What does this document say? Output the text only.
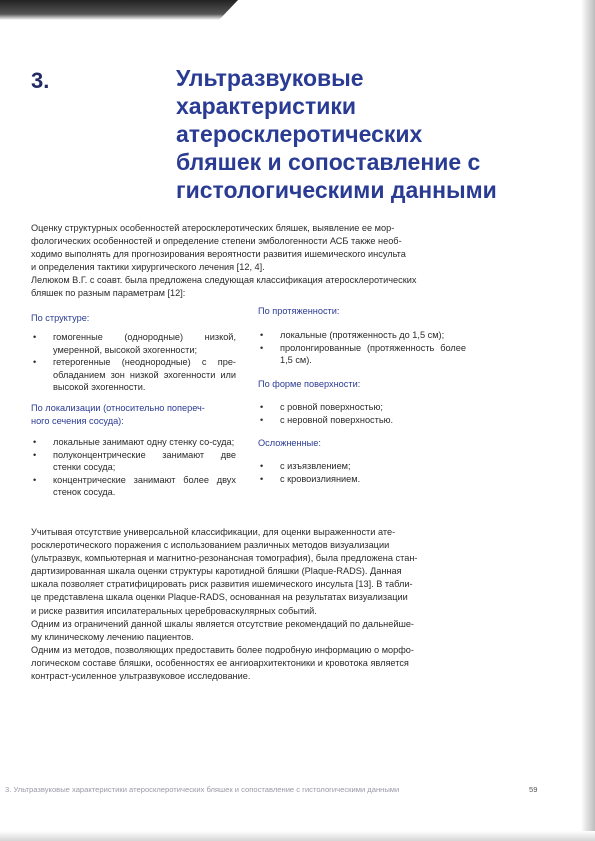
3.	Ультразвуковые
характеристики
атеросклеротических
бляшек и сопоставление с
гистологическими данными

Оценку структурных особенностей атеросклеротических бляшек, выявление ее мор-
фологических особенностей и определение степени эмбологенности АСБ также необ-
ходимо выполнять для прогнозирования вероятности развития ишемического инсульта
и определения тактики хирургического лечения [12, 4].
Лелюком В.Г. с соавт. была предложена следующая классификация атеросклеротических
бляшек по разным параметрам [12]:

По структуре:
• гомогенные (однородные) низкой, умеренной, высокой эхогенности;
• гетерогенные (неоднородные) с пре-обладанием зон низкой эхогенности или высокой эхогенности.
По локализации (относительно попереч-
ного сечения сосуда):
• локальные занимают одну стенку со-суда;
• полуконцентрические занимают две стенки сосуда;
• концентрические занимают более двух стенок сосуда.
По протяженности:
• локальные (протяженность до 1,5 см);
• пролонгированные (протяженность более 1,5 см).
По форме поверхности:
• с ровной поверхностью;
• с неровной поверхностью.
Осложненные:
• с изъязвлением;
• с кровоизлиянием.

Учитывая отсутствие универсальной классификации, для оценки выраженности ате-
росклеротического поражения с использованием различных методов визуализации
(ультразвук, компьютерная и магнитно-резонансная томография), была предложена стан-
дартизированная шкала оценки структуры каротидной бляшки (Plaque-RADS). Данная
шкала позволяет стратифицировать риск развития ишемического инсульта [13]. В табли-
це представлена шкала оценки Plaque-RADS, основанная на результатах визуализации
и риске развития ипсилатеральных цереброваскулярных событий.
Одним из ограничений данной шкалы является отсутствие рекомендаций по дальнейше-
му клиническому лечению пациентов.
Одним из методов, позволяющих предоставить более подробную информацию о морфо-
логическом составе бляшки, особенностях ее ангиоархитектоники и кровотока является
контраст-усиленное ультразвуковое исследование.

3. Ультразвуковые характеристики атеросклеротических бляшек и сопоставление с гистологическими данными	59
